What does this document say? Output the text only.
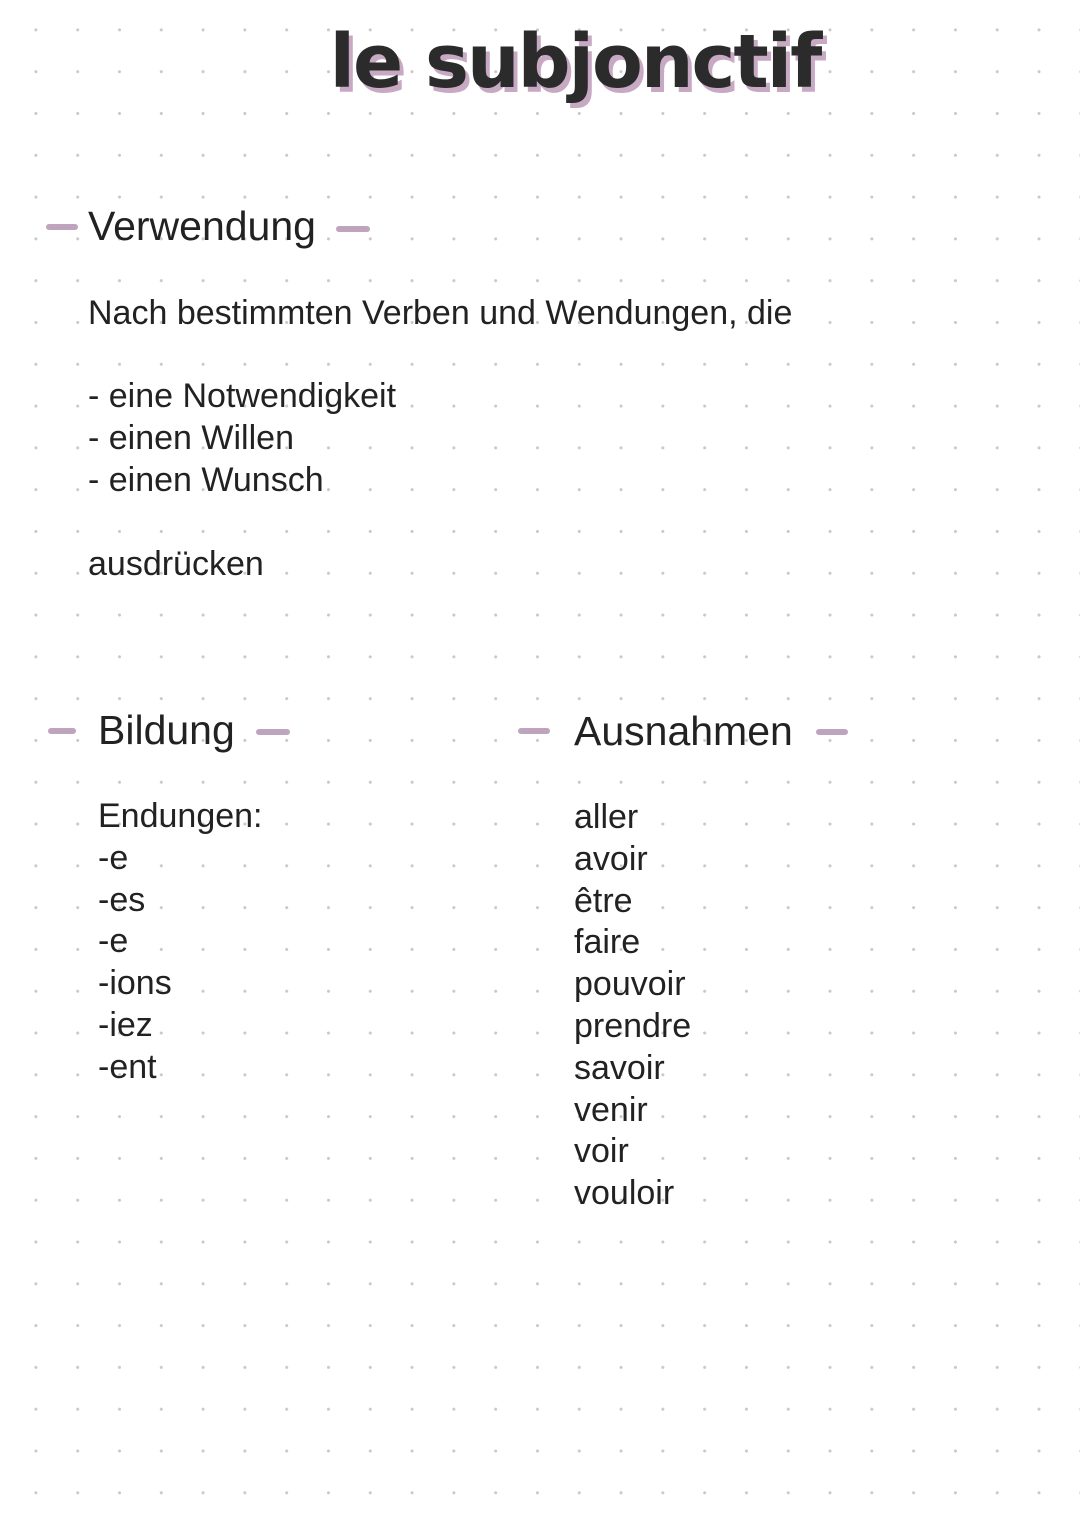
le subjonctif
Verwendung
Nach bestimmten Verben und Wendungen, die
- eine Notwendigkeit
- einen Willen
- einen Wunsch
ausdrücken
Bildung
Endungen:
-e
-es
-e
-ions
-iez
-ent
Ausnahmen
aller
avoir
être
faire
pouvoir
prendre
savoir
venir
voir
vouloir
